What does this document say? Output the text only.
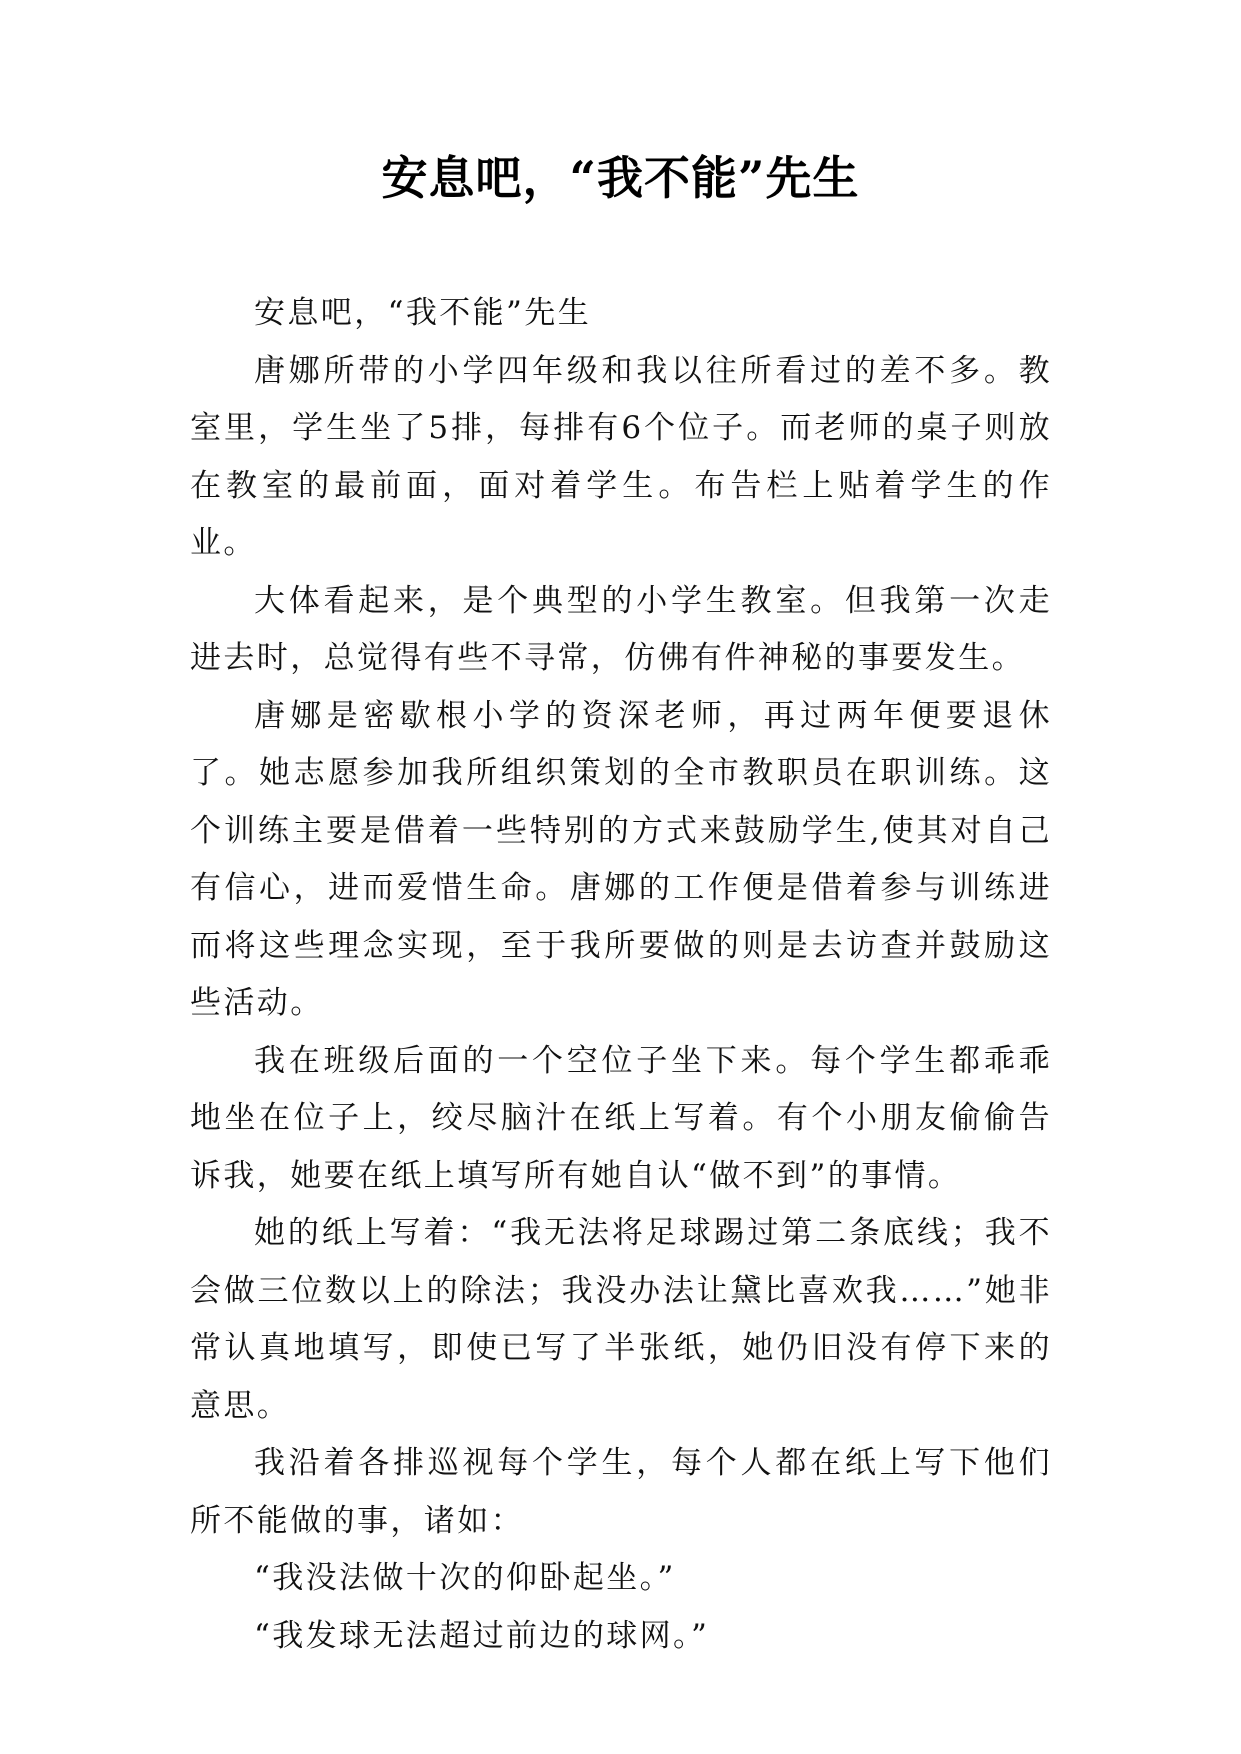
安息吧，“我不能”先生

安息吧，“我不能”先生

唐娜所带的小学四年级和我以往所看过的差不多。教室里，学生坐了5排，每排有6个位子。而老师的桌子则放在教室的最前面，面对着学生。布告栏上贴着学生的作业。

大体看起来，是个典型的小学生教室。但我第一次走进去时，总觉得有些不寻常，仿佛有件神秘的事要发生。

唐娜是密歇根小学的资深老师，再过两年便要退休了。她志愿参加我所组织策划的全市教职员在职训练。这个训练主要是借着一些特别的方式来鼓励学生,使其对自己有信心，进而爱惜生命。唐娜的工作便是借着参与训练进而将这些理念实现，至于我所要做的则是去访查并鼓励这些活动。

我在班级后面的一个空位子坐下来。每个学生都乖乖地坐在位子上，绞尽脑汁在纸上写着。有个小朋友偷偷告诉我，她要在纸上填写所有她自认“做不到”的事情。

她的纸上写着：“我无法将足球踢过第二条底线；我不会做三位数以上的除法；我没办法让黛比喜欢我……”她非常认真地填写，即使已写了半张纸，她仍旧没有停下来的意思。

我沿着各排巡视每个学生，每个人都在纸上写下他们所不能做的事，诸如：

“我没法做十次的仰卧起坐。”

“我发球无法超过前边的球网。”
